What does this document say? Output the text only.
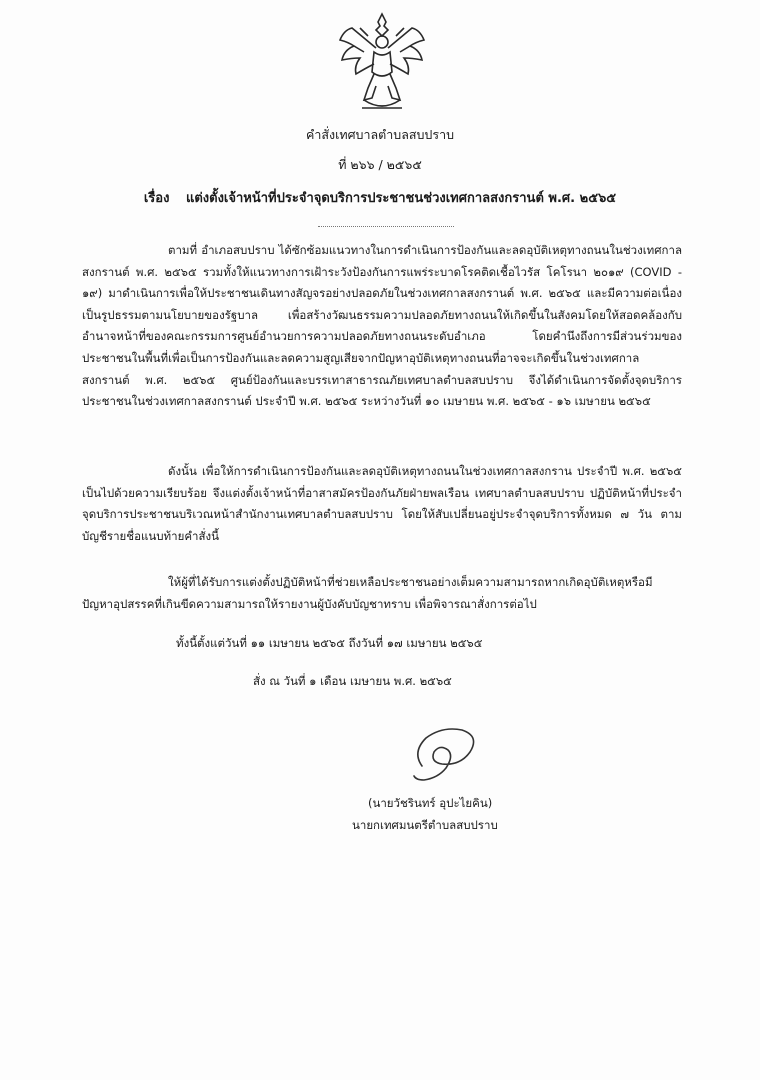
คำสั่งเทศบาลตำบลสบปราบ
ที่ ๒๖๖ / ๒๕๖๕
เรื่อง แต่งตั้งเจ้าหน้าที่ประจำจุดบริการประชาชนช่วงเทศกาลสงกรานต์ พ.ศ. ๒๕๖๕

ตามที่ อำเภอสบปราบ ได้ซักซ้อมแนวทางในการดำเนินการป้องกันและลดอุบัติเหตุทางถนนในช่วงเทศกาลสงกรานต์ พ.ศ. ๒๕๖๕ รวมทั้งให้แนวทางการเฝ้าระวังป้องกันการแพร่ระบาดโรคติดเชื้อไวรัส โคโรนา ๒๐๑๙ (COVID - ๑๙) มาดำเนินการเพื่อให้ประชาชนเดินทางสัญจรอย่างปลอดภัยในช่วงเทศกาลสงกรานต์ พ.ศ. ๒๕๖๕ และมีความต่อเนื่องเป็นรูปธรรมตามนโยบายของรัฐบาล เพื่อสร้างวัฒนธรรมความปลอดภัยทางถนนให้เกิดขึ้นในสังคมโดยให้สอดคล้องกับอำนาจหน้าที่ของคณะกรรมการศูนย์อำนวยการความปลอดภัยทางถนนระดับอำเภอ โดยคำนึงถึงการมีส่วนร่วมของประชาชนในพื้นที่เพื่อเป็นการป้องกันและลดความสูญเสียจากปัญหาอุบัติเหตุทางถนนที่อาจจะเกิดขึ้นในช่วงเทศกาลสงกรานต์ พ.ศ. ๒๕๖๕ ศูนย์ป้องกันและบรรเทาสาธารณภัยเทศบาลตำบลสบปราบ จึงได้ดำเนินการจัดตั้งจุดบริการประชาชนในช่วงเทศกาลสงกรานต์ ประจำปี พ.ศ. ๒๕๖๕ ระหว่างวันที่ ๑๐ เมษายน พ.ศ. ๒๕๖๕ - ๑๖ เมษายน ๒๕๖๕

ดังนั้น เพื่อให้การดำเนินการป้องกันและลดอุบัติเหตุทางถนนในช่วงเทศกาลสงกราน ประจำปี พ.ศ. ๒๕๖๕ เป็นไปด้วยความเรียบร้อย จึงแต่งตั้งเจ้าหน้าที่อาสาสมัครป้องกันภัยฝ่ายพลเรือน เทศบาลตำบลสบปราบ ปฏิบัติหน้าที่ประจำจุดบริการประชาชนบริเวณหน้าสำนักงานเทศบาลตำบลสบปราบ โดยให้สับเปลี่ยนอยู่ประจำจุดบริการทั้งหมด ๗ วัน ตามบัญชีรายชื่อแนบท้ายคำสั่งนี้

ให้ผู้ที่ได้รับการแต่งตั้งปฏิบัติหน้าที่ช่วยเหลือประชาชนอย่างเต็มความสามารถหากเกิดอุบัติเหตุหรือมีปัญหาอุปสรรคที่เกินขีดความสามารถให้รายงานผู้บังคับบัญชาทราบ เพื่อพิจารณาสั่งการต่อไป

ทั้งนี้ตั้งแต่วันที่ ๑๑ เมษายน ๒๕๖๕ ถึงวันที่ ๑๗ เมษายน ๒๕๖๕
สั่ง ณ วันที่ ๑ เดือน เมษายน พ.ศ. ๒๕๖๕
(นายวัชรินทร์ อุปะไยคิน)
นายกเทศมนตรีตำบลสบปราบ
